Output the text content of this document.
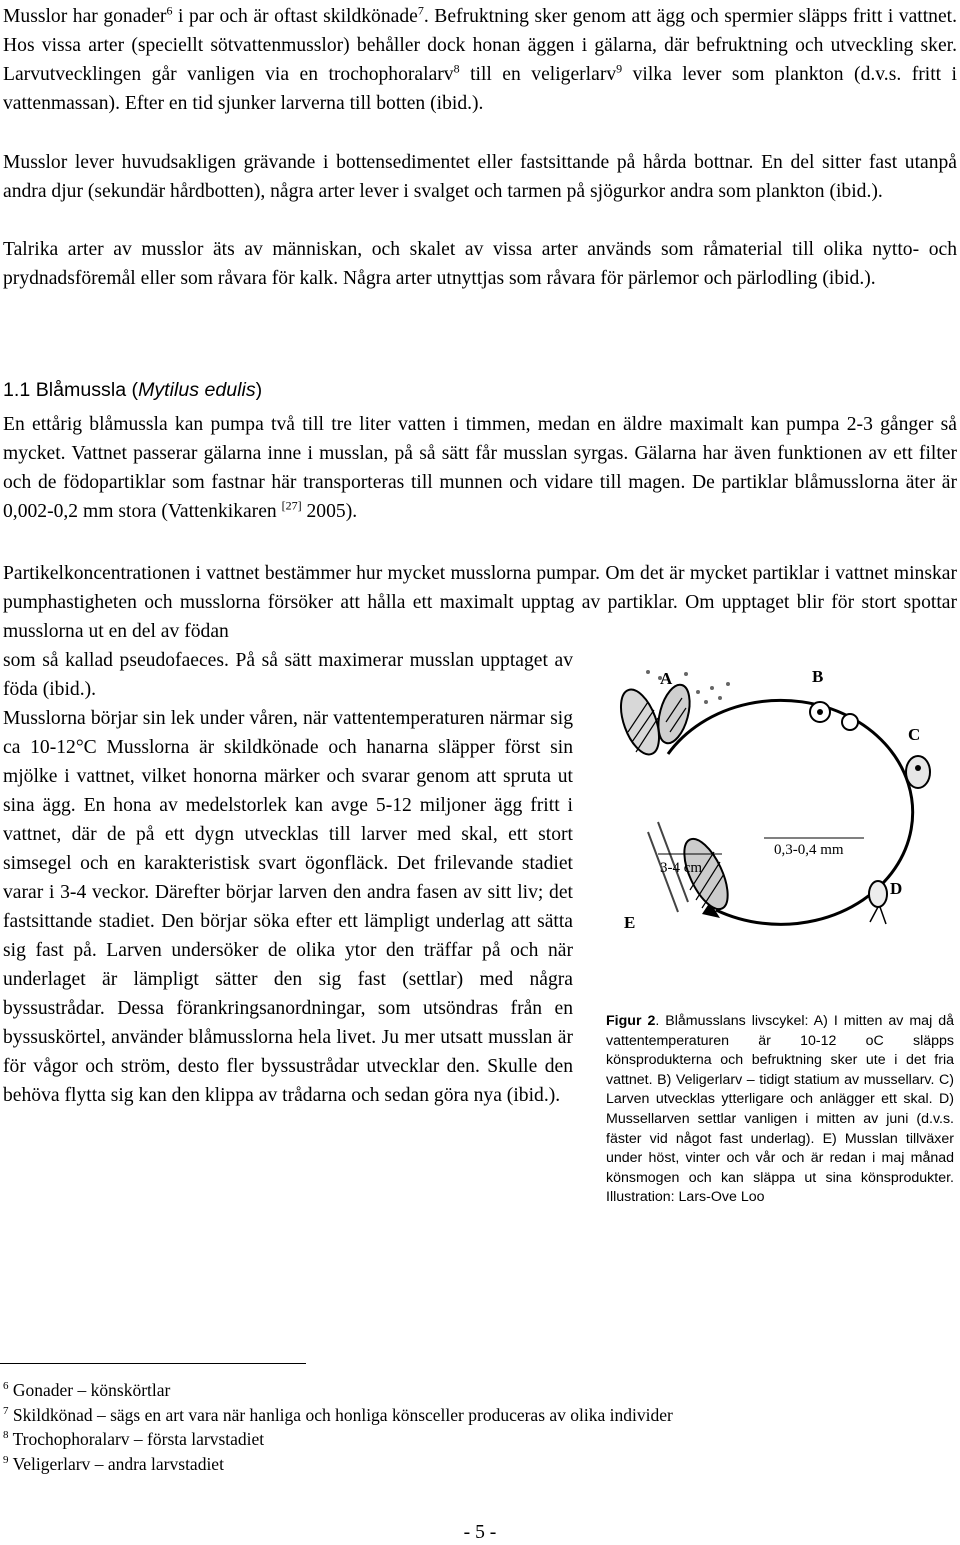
Musslor har gonader$^6$ i par och är oftast skildkönade$^7$. Befruktning sker genom att ägg och spermier släpps fritt i vattnet. Hos vissa arter (speciellt sötvattenmusslor) behåller dock honan äggen i gälarna, där befruktning och utveckling sker. Larvutvecklingen går vanligen via en trochophoralarv$^8$ till en veligerlarv$^9$ vilka lever som plankton (d.v.s. fritt i vattenmassan). Efter en tid sjunker larverna till botten (ibid.).

Musslor lever huvudsakligen grävande i bottensedimentet eller fastsittande på hårda bottnar. En del sitter fast utanpå andra djur (sekundär hårdbotten), några arter lever i svalget och tarmen på sjögurkor andra som plankton (ibid.).

Talrika arter av musslor äts av människan, och skalet av vissa arter används som råmaterial till olika nytto- och prydnadsföremål eller som råvara för kalk. Några arter utnyttjas som råvara för pärlemor och pärlodling (ibid.).

1.1 Blåmussla (Mytilus edulis)

En ettårig blåmussla kan pumpa två till tre liter vatten i timmen, medan en äldre maximalt kan pumpa 2-3 gånger så mycket. Vattnet passerar gälarna inne i musslan, på så sätt får musslan syrgas. Gälarna har även funktionen av ett filter och de födopartiklar som fastnar här transporteras till munnen och vidare till magen. De partiklar blåmusslorna äter är 0,002-0,2 mm stora (Vattenkikaren [27] 2005).

Partikelkoncentrationen i vattnet bestämmer hur mycket musslorna pumpar. Om det är mycket partiklar i vattnet minskar pumphastigheten och musslorna försöker att hålla ett maximalt upptag av partiklar. Om upptaget blir för stort spottar musslorna ut en del av födan

som så kallad pseudofaeces. På så sätt maximerar musslan upptaget av föda (ibid.).

Musslorna börjar sin lek under våren, när vattentemperaturen närmar sig ca 10-12°C Musslorna är skildkönade och hanarna släpper först sin mjölke i vattnet, vilket honorna märker och svarar genom att spruta ut sina ägg. En hona av medelstorlek kan avge 5-12 miljoner ägg fritt i vattnet, där de på ett dygn utvecklas till larver med skal, ett stort simsegel och en karakteristisk svart ögonfläck. Det frilevande stadiet varar i 3-4 veckor. Därefter börjar larven den andra fasen av sitt liv; det fastsittande stadiet. Den börjar söka efter ett lämpligt underlag att sätta sig fast på. Larven undersöker de olika ytor den träffar på och när underlaget är lämpligt sätter den sig fast (settlar) med några byssustrådar. Dessa förankringsanordningar, som utsöndras från en byssuskörtel, använder blåmusslorna hela livet. Ju mer utsatt musslan är för vågor och ström, desto fler byssustrådar utvecklar den. Skulle den behöva flytta sig kan den klippa av trådarna och sedan göra nya (ibid.).

A	B
C
D
E
3-4 cm
0,3-0,4 mm

Figur 2. Blåmusslans livscykel: A) I mitten av maj då vattentemperaturen är 10-12 oC släpps könsprodukterna och befruktning sker ute i det fria vattnet. B) Veligerlarv – tidigt statium av mussellarv. C) Larven utvecklas ytterligare och anlägger ett skal. D) Mussellarven settlar vanligen i mitten av juni (d.v.s. fäster vid något fast underlag). E) Musslan tillväxer under höst, vinter och vår och är redan i maj månad könsmogen och kan släppa ut sina könsprodukter. Illustration: Lars-Ove Loo

$^6$ Gonader – könskörtlar
$^7$ Skildkönad – sägs en art vara när hanliga och honliga könsceller produceras av olika individer
$^8$ Trochophoralarv – första larvstadiet
$^9$ Veligerlarv – andra larvstadiet
- 5 -
